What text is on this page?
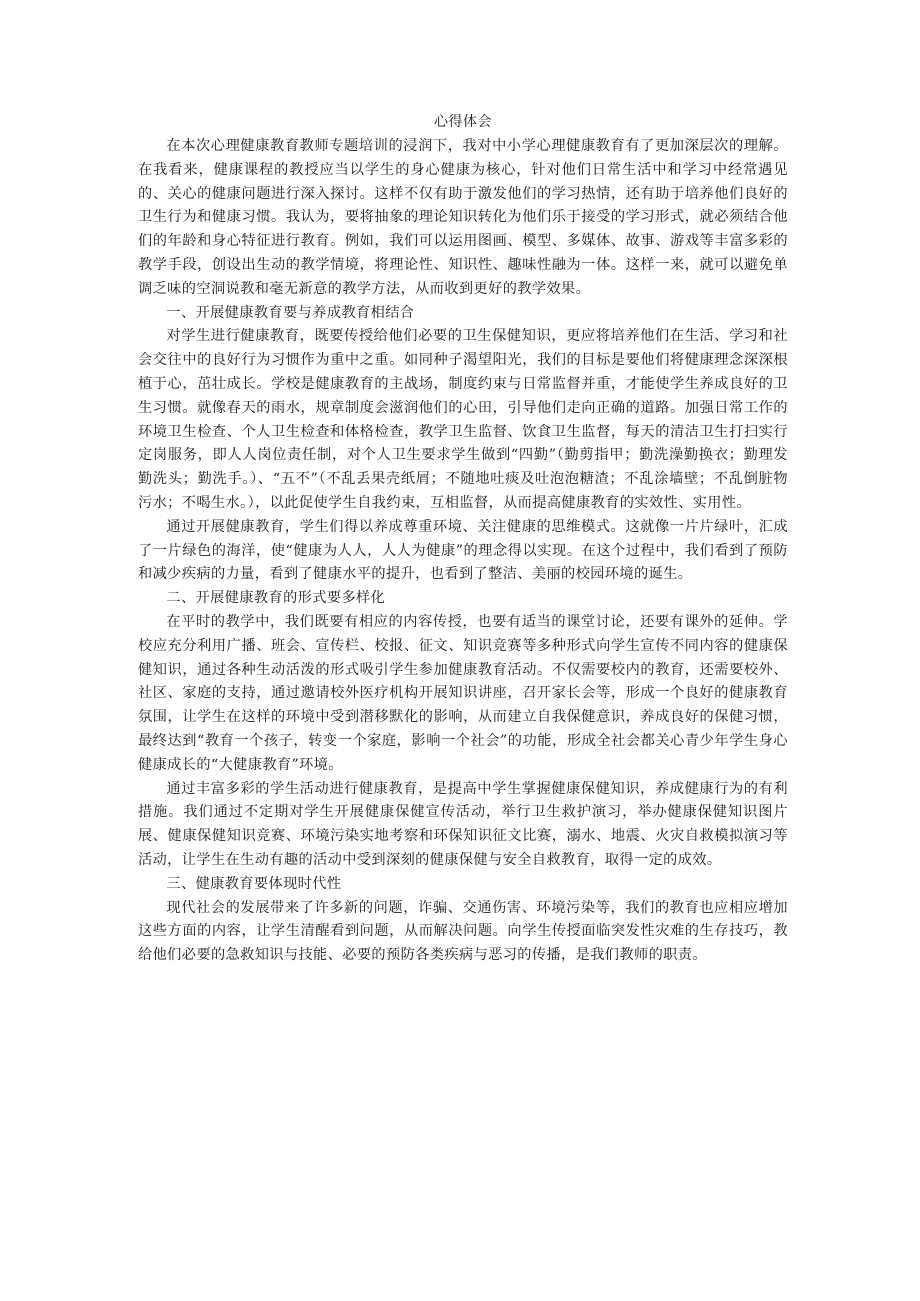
心得体会

在本次心理健康教育教师专题培训的浸润下，我对中小学心理健康教育有了更加深层次的理解。在我看来，健康课程的教授应当以学生的身心健康为核心，针对他们日常生活中和学习中经常遇见的、关心的健康问题进行深入探讨。这样不仅有助于激发他们的学习热情，还有助于培养他们良好的卫生行为和健康习惯。我认为，要将抽象的理论知识转化为他们乐于接受的学习形式，就必须结合他们的年龄和身心特征进行教育。例如，我们可以运用图画、模型、多媒体、故事、游戏等丰富多彩的教学手段，创设出生动的教学情境，将理论性、知识性、趣味性融为一体。这样一来，就可以避免单调乏味的空洞说教和毫无新意的教学方法，从而收到更好的教学效果。

一、开展健康教育要与养成教育相结合

对学生进行健康教育，既要传授给他们必要的卫生保健知识，更应将培养他们在生活、学习和社会交往中的良好行为习惯作为重中之重。如同种子渴望阳光，我们的目标是要他们将健康理念深深根植于心，茁壮成长。学校是健康教育的主战场，制度约束与日常监督并重，才能使学生养成良好的卫生习惯。就像春天的雨水，规章制度会滋润他们的心田，引导他们走向正确的道路。加强日常工作的环境卫生检查、个人卫生检查和体格检查，教学卫生监督、饮食卫生监督，每天的清洁卫生打扫实行定岗服务，即人人岗位责任制，对个人卫生要求学生做到“四勤”（勤剪指甲；勤洗澡勤换衣；勤理发勤洗头；勤洗手。）、“五不”（不乱丢果壳纸屑；不随地吐痰及吐泡泡糖渣；不乱涂墙壁；不乱倒脏物污水；不喝生水。），以此促使学生自我约束，互相监督，从而提高健康教育的实效性、实用性。

通过开展健康教育，学生们得以养成尊重环境、关注健康的思维模式。这就像一片片绿叶，汇成了一片绿色的海洋，使“健康为人人，人人为健康”的理念得以实现。在这个过程中，我们看到了预防和减少疾病的力量，看到了健康水平的提升，也看到了整洁、美丽的校园环境的诞生。

二、开展健康教育的形式要多样化

在平时的教学中，我们既要有相应的内容传授，也要有适当的课堂讨论，还要有课外的延伸。学校应充分利用广播、班会、宣传栏、校报、征文、知识竞赛等多种形式向学生宣传不同内容的健康保健知识，通过各种生动活泼的形式吸引学生参加健康教育活动。不仅需要校内的教育，还需要校外、社区、家庭的支持，通过邀请校外医疗机构开展知识讲座，召开家长会等，形成一个良好的健康教育氛围，让学生在这样的环境中受到潜移默化的影响，从而建立自我保健意识，养成良好的保健习惯，最终达到“教育一个孩子，转变一个家庭，影响一个社会”的功能，形成全社会都关心青少年学生身心健康成长的“大健康教育”环境。

通过丰富多彩的学生活动进行健康教育，是提高中学生掌握健康保健知识，养成健康行为的有利措施。我们通过不定期对学生开展健康保健宣传活动，举行卫生救护演习，举办健康保健知识图片展、健康保健知识竞赛、环境污染实地考察和环保知识征文比赛，溺水、地震、火灾自救模拟演习等活动，让学生在生动有趣的活动中受到深刻的健康保健与安全自救教育，取得一定的成效。

三、健康教育要体现时代性

现代社会的发展带来了许多新的问题，诈骗、交通伤害、环境污染等，我们的教育也应相应增加这些方面的内容，让学生清醒看到问题，从而解决问题。向学生传授面临突发性灾难的生存技巧，教给他们必要的急救知识与技能、必要的预防各类疾病与恶习的传播，是我们教师的职责。
